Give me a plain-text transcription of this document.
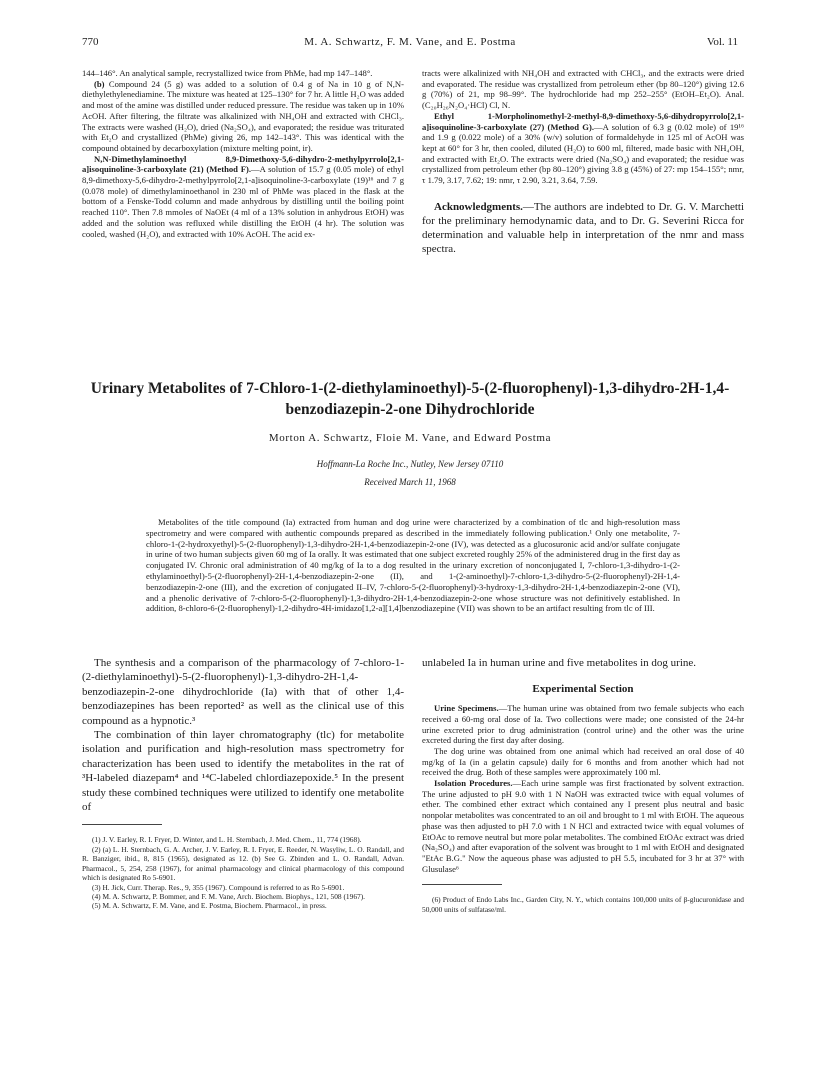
770	M. A. Schwartz, F. M. Vane, and E. Postma	Vol. 11

144–146°. An analytical sample, recrystallized twice from PhMe, had mp 147–148°.

(b) Compound 24 (5 g) was added to a solution of 0.4 g of Na in 10 g of N,N-diethylethylenediamine. The mixture was heated at 125–130° for 7 hr. A little H₂O was added and most of the amine was distilled under reduced pressure. The residue was taken up in 10% AcOH. After filtering, the filtrate was alkalinized with NH₄OH and extracted with CHCl₃. The extracts were washed (H₂O), dried (Na₂SO₄), and evaporated; the residue was triturated with Et₂O and crystallized (PhMe) giving 26, mp 142–143°. This was identical with the compound obtained by decarboxylation (mixture melting point, ir).

N,N-Dimethylaminoethyl 8,9-Dimethoxy-5,6-dihydro-2-methylpyrrolo[2,1-a]isoquinoline-3-carboxylate (21) (Method F).—A solution of 15.7 g (0.05 mole) of ethyl 8,9-dimethoxy-5,6-dihydro-2-methylpyrrolo[2,1-a]isoquinoline-3-carboxylate (19)¹⁶ and 7 g (0.078 mole) of dimethylaminoethanol in 230 ml of PhMe was placed in the flask at the bottom of a Fenske-Todd column and made anhydrous by distilling until the boiling point reached 110°. Then 7.8 mmoles of NaOEt (4 ml of a 13% solution in anhydrous EtOH) was added and the solution was refluxed while distilling the EtOH (4 hr). The solution was cooled, washed (H₂O), and extracted with 10% AcOH. The acid ex-

tracts were alkalinized with NH₄OH and extracted with CHCl₃, and the extracts were dried and evaporated. The residue was crystallized from petroleum ether (bp 80–120°) giving 12.6 g (70%) of 21, mp 98–99°. The hydrochloride had mp 252–255° (EtOH–Et₂O). Anal. (C₂₀H₂₆N₂O₄·HCl) Cl, N.

Ethyl 1-Morpholinomethyl-2-methyl-8,9-dimethoxy-5,6-dihydropyrrolo[2,1-a]isoquinoline-3-carboxylate (27) (Method G).—A solution of 6.3 g (0.02 mole) of 19¹⁶ and 1.9 g (0.022 mole) of a 30% (w/v) solution of formaldehyde in 125 ml of AcOH was kept at 60° for 3 hr, then cooled, diluted (H₂O) to 600 ml, filtered, made basic with NH₄OH, and extracted with Et₂O. The extracts were dried (Na₂SO₄) and evaporated; the residue was crystallized from petroleum ether (bp 80–120°) giving 3.8 g (45%) of 27: mp 154–155°; nmr, τ 1.79, 3.17, 7.62; 19: nmr, τ 2.90, 3.21, 3.64, 7.59.

Acknowledgments.—The authors are indebted to Dr. G. V. Marchetti for the preliminary hemodynamic data, and to Dr. G. Severini Ricca for determination and valuable help in interpretation of the nmr and mass spectra.

Urinary Metabolites of 7-Chloro-1-(2-diethylaminoethyl)-5-(2-fluorophenyl)-1,3-dihydro-2H-1,4-benzodiazepin-2-one Dihydrochloride
Morton A. Schwartz, Floie M. Vane, and Edward Postma
Hoffmann-La Roche Inc., Nutley, New Jersey 07110
Received March 11, 1968
Metabolites of the title compound (Ia) extracted from human and dog urine were characterized by a combination of tlc and high-resolution mass spectrometry and were compared with authentic compounds prepared as described in the immediately following publication.¹ Only one metabolite, 7-chloro-1-(2-hydroxyethyl)-5-(2-fluorophenyl)-1,3-dihydro-2H-1,4-benzodiazepin-2-one (IV), was detected as a glucosuronic acid and/or sulfate conjugate in urine of two human subjects given 60 mg of Ia orally. It was estimated that one subject excreted roughly 25% of the administered drug in the first day as conjugated IV. Chronic oral administration of 40 mg/kg of Ia to a dog resulted in the urinary excretion of nonconjugated I, 7-chloro-1,3-dihydro-1-(2-ethylaminoethyl)-5-(2-fluorophenyl)-2H-1,4-benzodiazepin-2-one (II), and 1-(2-aminoethyl)-7-chloro-1,3-dihydro-5-(2-fluorophenyl)-2H-1,4-benzodiazepin-2-one (III), and the excretion of conjugated II–IV, 7-chloro-5-(2-fluorophenyl)-3-hydroxy-1,3-dihydro-2H-1,4-benzodiazepin-2-one (VI), and a phenolic derivative of 7-chloro-5-(2-fluorophenyl)-1,3-dihydro-2H-1,4-benzodiazepin-2-one whose structure was not definitively established. In addition, 8-chloro-6-(2-fluorophenyl)-1,2-dihydro-4H-imidazo[1,2-a][1,4]benzodiazepine (VII) was shown to be an artifact resulting from tlc of III.

The synthesis and a comparison of the pharmacology of 7-chloro-1-(2-diethylaminoethyl)-5-(2-fluorophenyl)-1,3-dihydro-2H-1,4-benzodiazepin-2-one dihydrochloride (Ia) with that of other 1,4-benzodiazepines has been reported² as well as the clinical use of this compound as a hypnotic.³

The combination of thin layer chromatography (tlc) for metabolite isolation and purification and high-resolution mass spectrometry for characterization has been used to identify the metabolites in the rat of ³H-labeled diazepam⁴ and ¹⁴C-labeled chlordiazepoxide.⁵ In the present study these combined techniques were utilized to identify one metabolite of

(1) J. V. Earley, R. I. Fryer, D. Winter, and L. H. Sternbach, J. Med. Chem., 11, 774 (1968).
(2) (a) L. H. Sternbach, G. A. Archer, J. V. Earley, R. I. Fryer, E. Reeder, N. Wasyliw, L. O. Randall, and R. Banziger, ibid., 8, 815 (1965), designated as 12. (b) See G. Zbinden and L. O. Randall, Advan. Pharmacol., 5, 254, 258 (1967), for animal pharmacology and clinical pharmacology of this compound which is designated Ro 5-6901.
(3) H. Jick, Curr. Therap. Res., 9, 355 (1967). Compound is referred to as Ro 5-6901.
(4) M. A. Schwartz, P. Bommer, and F. M. Vane, Arch. Biochem. Biophys., 121, 508 (1967).
(5) M. A. Schwartz, F. M. Vane, and E. Postma, Biochem. Pharmacol., in press.

unlabeled Ia in human urine and five metabolites in dog urine.

Experimental Section

Urine Specimens.—The human urine was obtained from two female subjects who each received a 60-mg oral dose of Ia. Two collections were made; one consisted of the 24-hr urine excreted prior to drug administration (control urine) and the other was the urine excreted during the first day after dosing.

The dog urine was obtained from one animal which had received an oral dose of 40 mg/kg of Ia (in a gelatin capsule) daily for 6 months and from another which had not received the drug. Both of these samples were approximately 100 ml.

Isolation Procedures.—Each urine sample was first fractionated by solvent extraction. The urine adjusted to pH 9.0 with 1 N NaOH was extracted twice with equal volumes of ether. The combined ether extract which contained any I present plus neutral and basic nonpolar metabolites was concentrated to an oil and brought to 1 ml with EtOH. The aqueous phase was then adjusted to pH 7.0 with 1 N HCl and extracted twice with equal volumes of EtOAc to remove neutral but more polar metabolites. The combined EtOAc extract was dried (Na₂SO₄) and after evaporation of the solvent was brought to 1 ml with EtOH and designated "EtAc B.G." Now the aqueous phase was adjusted to pH 5.5, incubated for 3 hr at 37° with Glusulase⁶

(6) Product of Endo Labs Inc., Garden City, N. Y., which contains 100,000 units of β-glucuronidase and 50,000 units of sulfatase/ml.
